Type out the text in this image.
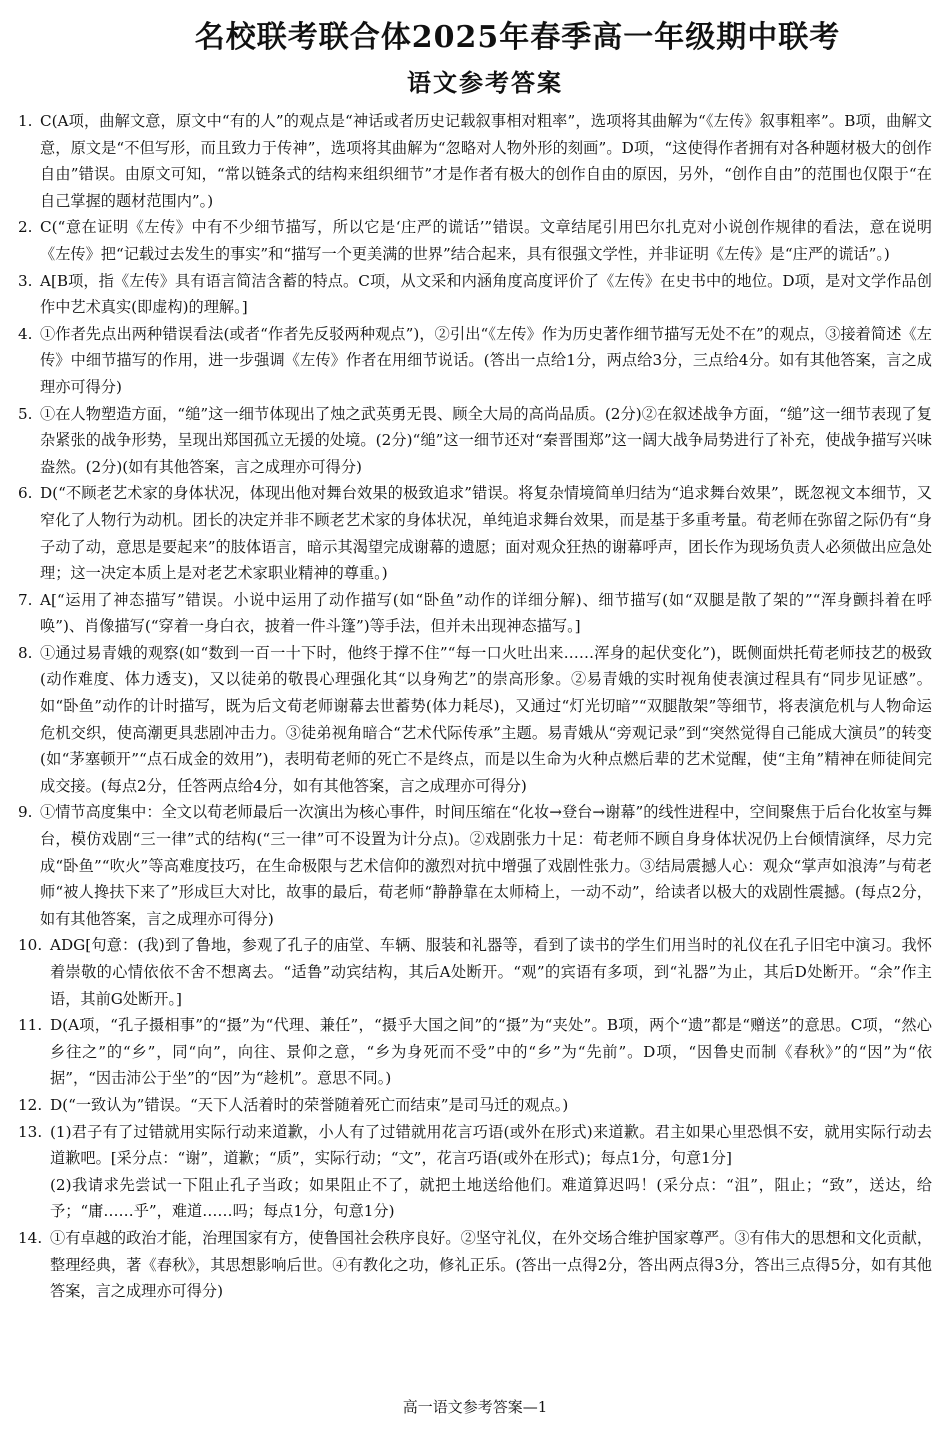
名校联考联合体2025年春季高一年级期中联考
语文参考答案
1. C(A项，曲解文意，原文中“有的人”的观点是“神话或者历史记载叙事相对粗率”，选项将其曲解为“《左传》叙事粗率”。B项，曲解文意，原文是“不但写形，而且致力于传神”，选项将其曲解为“忽略对人物外形的刻画”。D项，“这使得作者拥有对各种题材极大的创作自由”错误。由原文可知，“常以链条式的结构来组织细节”才是作者有极大的创作自由的原因，另外，“创作自由”的范围也仅限于“在自己掌握的题材范围内”。)

2. C(“意在证明《左传》中有不少细节描写，所以它是‘庄严的谎话’”错误。文章结尾引用巴尔扎克对小说创作规律的看法，意在说明《左传》把“记载过去发生的事实”和“描写一个更美满的世界”结合起来，具有很强文学性，并非证明《左传》是“庄严的谎话”。)

3. A[B项，指《左传》具有语言简洁含蓄的特点。C项，从文采和内涵角度高度评价了《左传》在史书中的地位。D项，是对文学作品创作中艺术真实(即虚构)的理解。]

4. ①作者先点出两种错误看法(或者“作者先反驳两种观点”)，②引出“《左传》作为历史著作细节描写无处不在”的观点，③接着简述《左传》中细节描写的作用，进一步强调《左传》作者在用细节说话。(答出一点给1分，两点给3分，三点给4分。如有其他答案，言之成理亦可得分)

5. ①在人物塑造方面，“缒”这一细节体现出了烛之武英勇无畏、顾全大局的高尚品质。(2分)②在叙述战争方面，“缒”这一细节表现了复杂紧张的战争形势，呈现出郑国孤立无援的处境。(2分)“缒”这一细节还对“秦晋围郑”这一阔大战争局势进行了补充，使战争描写兴味盎然。(2分)(如有其他答案，言之成理亦可得分)

6. D(“不顾老艺术家的身体状况，体现出他对舞台效果的极致追求”错误。将复杂情境简单归结为“追求舞台效果”，既忽视文本细节，又窄化了人物行为动机。团长的决定并非不顾老艺术家的身体状况，单纯追求舞台效果，而是基于多重考量。荀老师在弥留之际仍有“身子动了动，意思是要起来”的肢体语言，暗示其渴望完成谢幕的遗愿；面对观众狂热的谢幕呼声，团长作为现场负责人必须做出应急处理；这一决定本质上是对老艺术家职业精神的尊重。)

7. A[“运用了神态描写”错误。小说中运用了动作描写(如“卧鱼”动作的详细分解)、细节描写(如“双腿是散了架的”“浑身颤抖着在呼唤”)、肖像描写(“穿着一身白衣，披着一件斗篷”)等手法，但并未出现神态描写。]

8. ①通过易青娥的观察(如“数到一百一十下时，他终于撑不住”“每一口火吐出来……浑身的起伏变化”)，既侧面烘托荀老师技艺的极致(动作难度、体力透支)，又以徒弟的敬畏心理强化其“以身殉艺”的崇高形象。②易青娥的实时视角使表演过程具有“同步见证感”。如“卧鱼”动作的计时描写，既为后文荀老师谢幕去世蓄势(体力耗尽)，又通过“灯光切暗”“双腿散架”等细节，将表演危机与人物命运危机交织，使高潮更具悲剧冲击力。③徒弟视角暗合“艺术代际传承”主题。易青娥从“旁观记录”到“突然觉得自己能成大演员”的转变(如“茅塞顿开”“点石成金的效用”)，表明荀老师的死亡不是终点，而是以生命为火种点燃后辈的艺术觉醒，使“主角”精神在师徒间完成交接。(每点2分，任答两点给4分，如有其他答案，言之成理亦可得分)

9. ①情节高度集中：全文以荀老师最后一次演出为核心事件，时间压缩在“化妆→登台→谢幕”的线性进程中，空间聚焦于后台化妆室与舞台，模仿戏剧“三一律”式的结构(“三一律”可不设置为计分点)。②戏剧张力十足：荀老师不顾自身身体状况仍上台倾情演绎，尽力完成“卧鱼”“吹火”等高难度技巧，在生命极限与艺术信仰的激烈对抗中增强了戏剧性张力。③结局震撼人心：观众“掌声如浪涛”与荀老师“被人搀扶下来了”形成巨大对比，故事的最后，荀老师“静静靠在太师椅上，一动不动”，给读者以极大的戏剧性震撼。(每点2分，如有其他答案，言之成理亦可得分)

10. ADG[句意：(我)到了鲁地，参观了孔子的庙堂、车辆、服装和礼器等，看到了读书的学生们用当时的礼仪在孔子旧宅中演习。我怀着崇敬的心情依依不舍不想离去。“适鲁”动宾结构，其后A处断开。“观”的宾语有多项，到“礼器”为止，其后D处断开。“余”作主语，其前G处断开。]

11. D(A项，“孔子摄相事”的“摄”为“代理、兼任”，“摄乎大国之间”的“摄”为“夹处”。B项，两个“遗”都是“赠送”的意思。C项，“然心乡往之”的“乡”，同“向”，向往、景仰之意，“乡为身死而不受”中的“乡”为“先前”。D项，“因鲁史而制《春秋》”的“因”为“依据”，“因击沛公于坐”的“因”为“趁机”。意思不同。)

12. D(“一致认为”错误。“天下人活着时的荣誉随着死亡而结束”是司马迁的观点。)

13. (1)君子有了过错就用实际行动来道歉，小人有了过错就用花言巧语(或外在形式)来道歉。君主如果心里恐惧不安，就用实际行动去道歉吧。[采分点：“谢”，道歉；“质”，实际行动；“文”，花言巧语(或外在形式)；每点1分，句意1分]

(2)我请求先尝试一下阻止孔子当政；如果阻止不了，就把土地送给他们。难道算迟吗！(采分点：“沮”，阻止；“致”，送达，给予；“庸……乎”，难道……吗；每点1分，句意1分)

14. ①有卓越的政治才能，治理国家有方，使鲁国社会秩序良好。②坚守礼仪，在外交场合维护国家尊严。③有伟大的思想和文化贡献，整理经典，著《春秋》，其思想影响后世。④有教化之功，修礼正乐。(答出一点得2分，答出两点得3分，答出三点得5分，如有其他答案，言之成理亦可得分)

高一语文参考答案—1
